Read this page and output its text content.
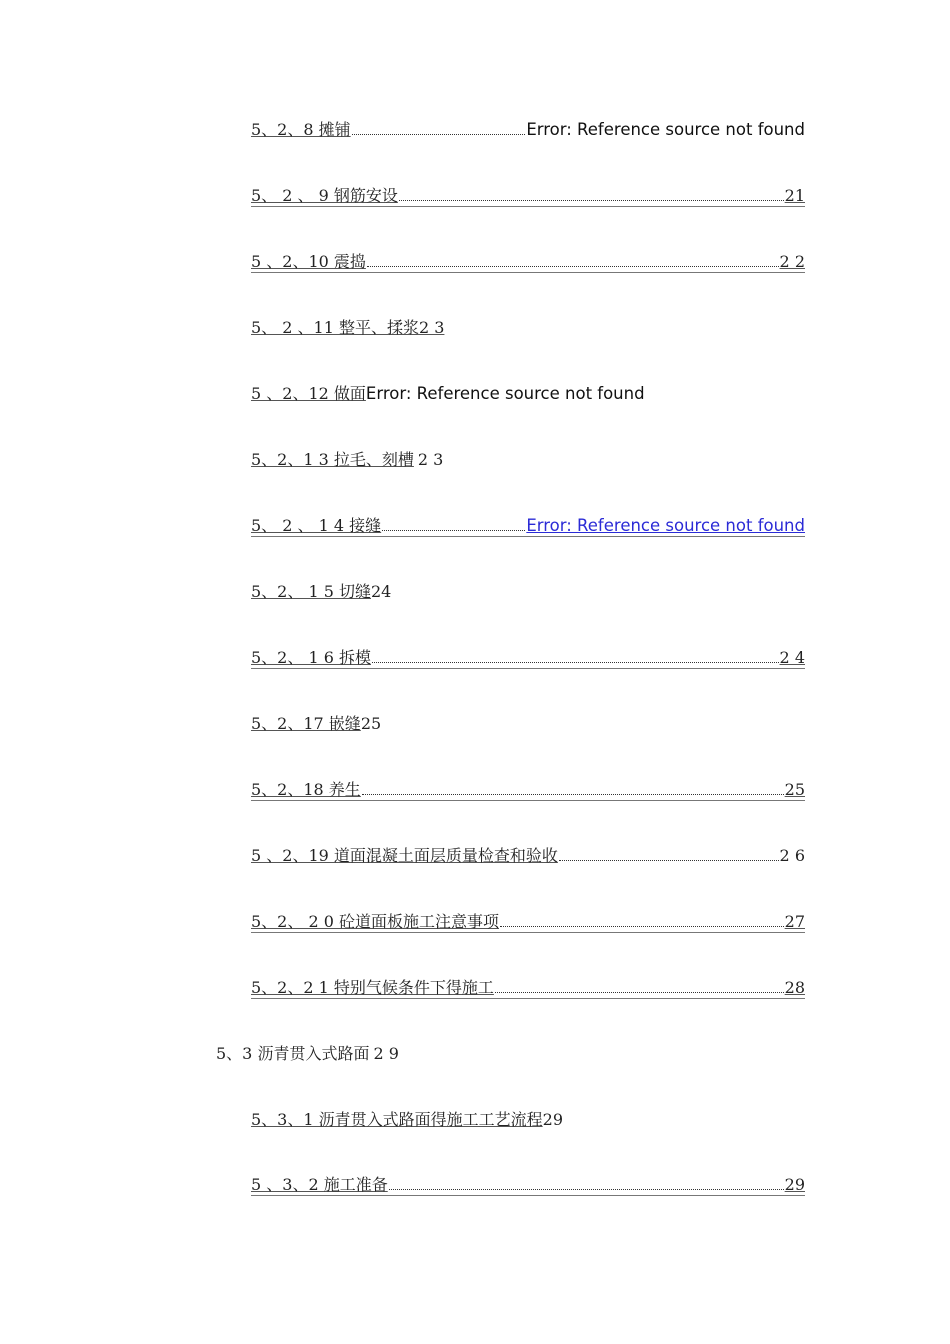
5、2、8 摊铺	Error: Reference source not found
5、 2 、 9 钢筋安设	21
5 、2、10 震捣	2 2
5、 2 、11 整平、揉浆 2 3
5 、2、12 做面 Error: Reference source not found
5、2、1 3 拉毛、刻槽 2 3
5、 2 、 1 4 接缝	Error: Reference source not found
5、2、 1 5 切缝 24
5、2、 1 6 拆模	2 4
5、2、17 嵌缝 25
5、2、18 养生	25
5 、2、19 道面混凝土面层质量检查和验收	2 6
5、2、 2 0 砼道面板施工注意事项	27
5、2、2 1 特别气候条件下得施工	28
5、3 沥青贯入式路面 2 9
5、3、1 沥青贯入式路面得施工工艺流程 29
5 、3、2 施工准备	29
